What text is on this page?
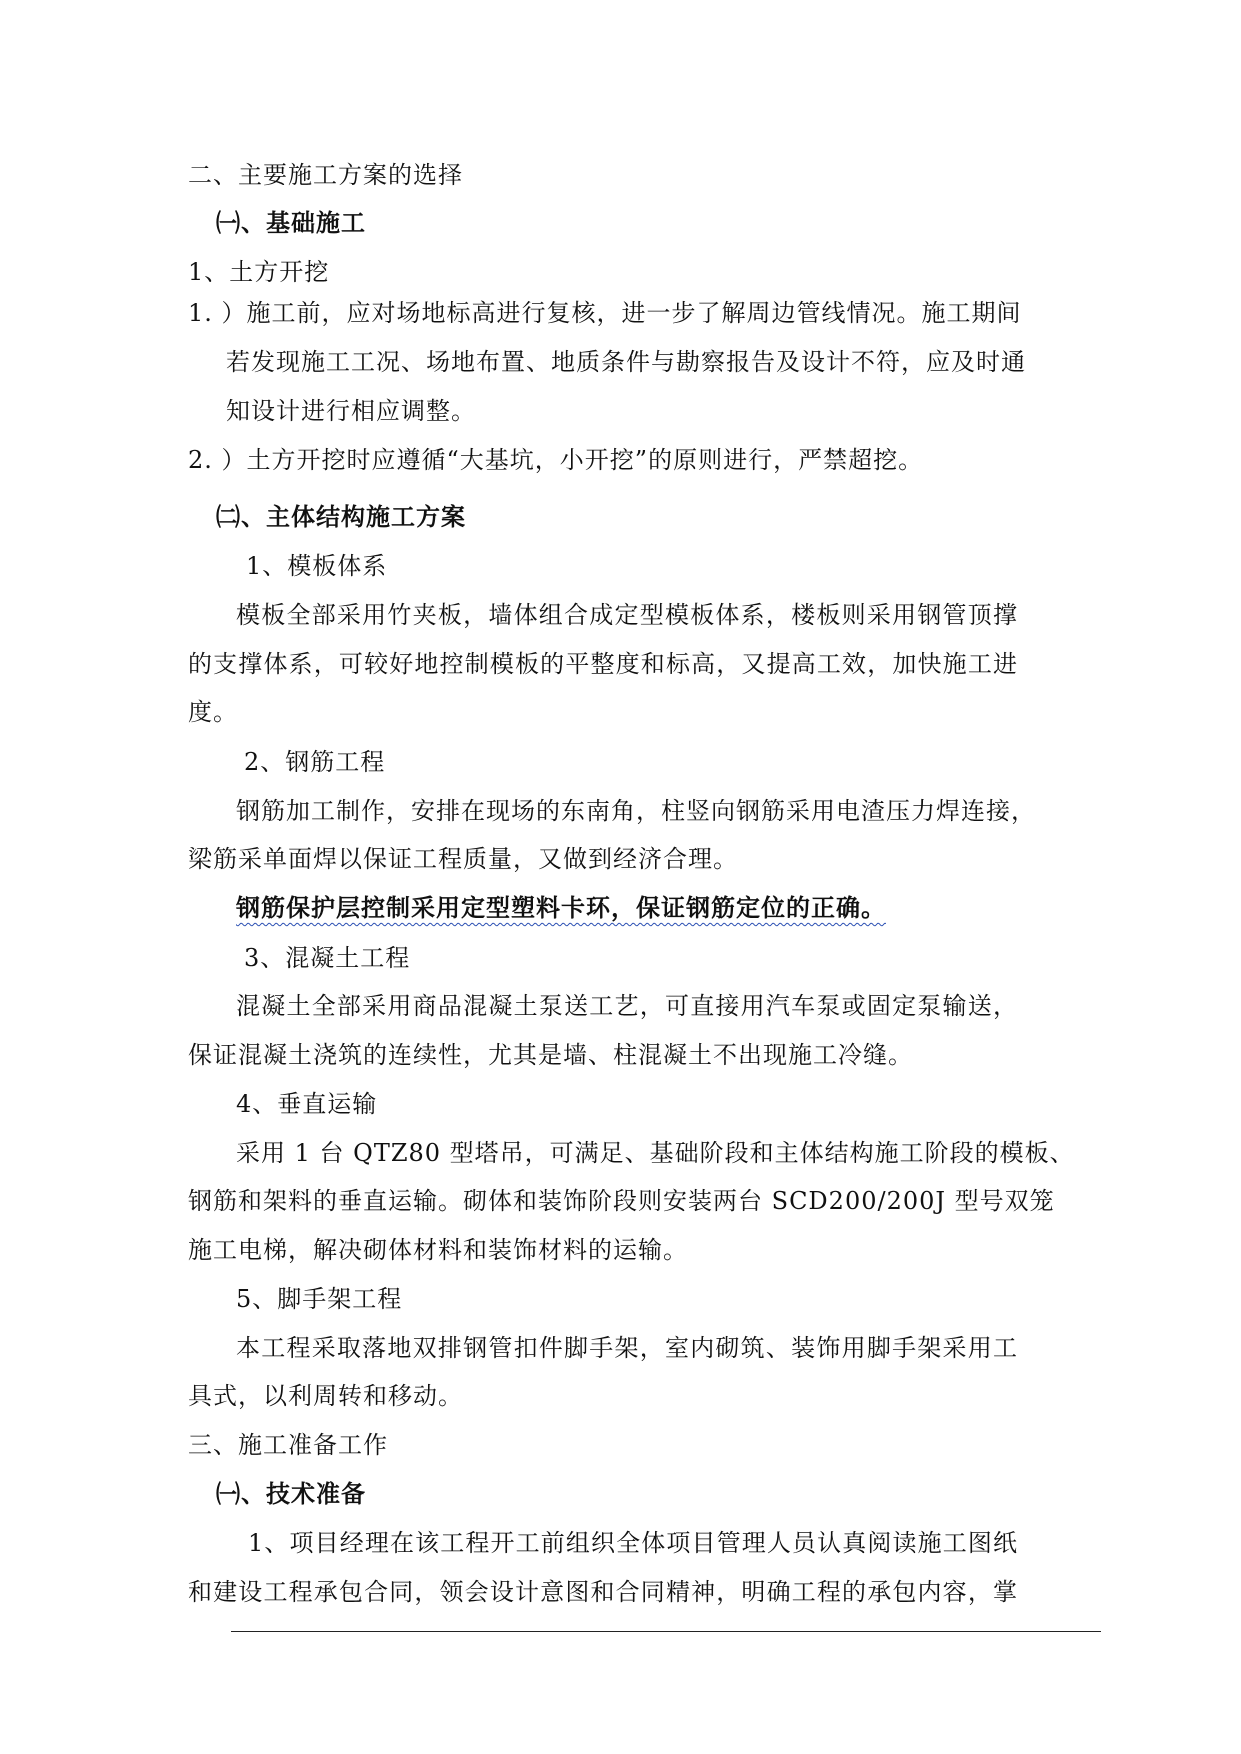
二、主要施工方案的选择
㈠、基础施工
1、土方开挖
1. ）施工前，应对场地标高进行复核，进一步了解周边管线情况。施工期间
若发现施工工况、场地布置、地质条件与勘察报告及设计不符，应及时通
知设计进行相应调整。
2. ）土方开挖时应遵循“大基坑，小开挖”的原则进行，严禁超挖。
㈡、主体结构施工方案
1、模板体系
模板全部采用竹夹板，墙体组合成定型模板体系，楼板则采用钢管顶撑
的支撑体系，可较好地控制模板的平整度和标高，又提高工效，加快施工进
度。
2、钢筋工程
钢筋加工制作，安排在现场的东南角，柱竖向钢筋采用电渣压力焊连接，
梁筋采单面焊以保证工程质量，又做到经济合理。
钢筋保护层控制采用定型塑料卡环，保证钢筋定位的正确。
3、混凝土工程
混凝土全部采用商品混凝土泵送工艺，可直接用汽车泵或固定泵输送，
保证混凝土浇筑的连续性，尤其是墙、柱混凝土不出现施工冷缝。
4、垂直运输
采用 1 台 QTZ80 型塔吊，可满足、基础阶段和主体结构施工阶段的模板、
钢筋和架料的垂直运输。砌体和装饰阶段则安装两台 SCD200/200J 型号双笼
施工电梯，解决砌体材料和装饰材料的运输。
5、脚手架工程
本工程采取落地双排钢管扣件脚手架，室内砌筑、装饰用脚手架采用工
具式，以利周转和移动。
三、施工准备工作
㈠、技术准备
1、项目经理在该工程开工前组织全体项目管理人员认真阅读施工图纸
和建设工程承包合同，领会设计意图和合同精神，明确工程的承包内容，掌
